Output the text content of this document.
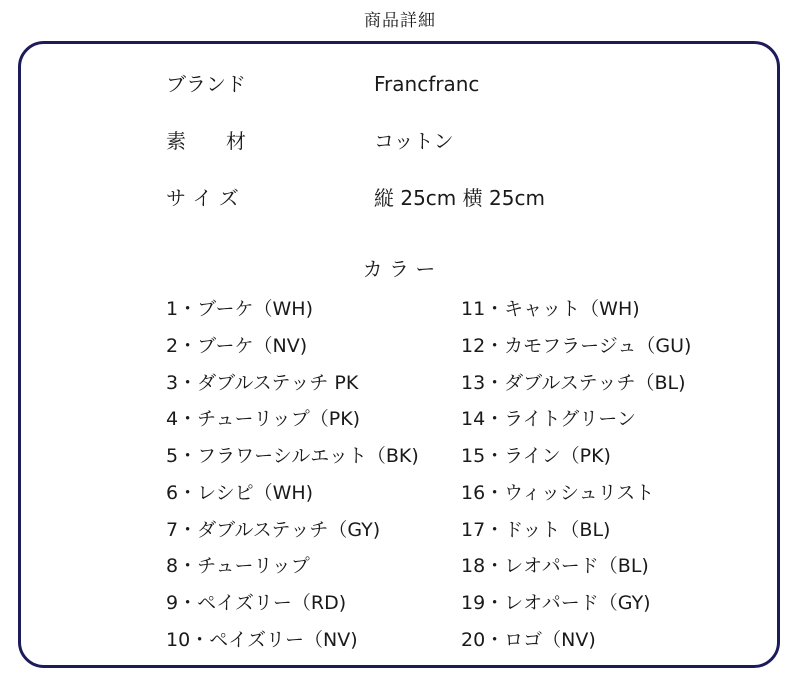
商品詳細
ブランド	Francfranc
素　　材	コットン
サ イ ズ	縦 25cm 横 25cm
カ ラ ー
1・ブーケ（WH)
2・ブーケ（NV)
3・ダブルステッチ PK
4・チューリップ（PK)
5・フラワーシルエット（BK)
6・レシピ（WH)
7・ダブルステッチ（GY)
8・チューリップ
9・ペイズリー（RD)
10・ペイズリー（NV)
11・キャット（WH)
12・カモフラージュ（GU)
13・ダブルステッチ（BL)
14・ライトグリーン
15・ライン（PK)
16・ウィッシュリスト
17・ドット（BL)
18・レオパード（BL)
19・レオパード（GY)
20・ロゴ（NV)
